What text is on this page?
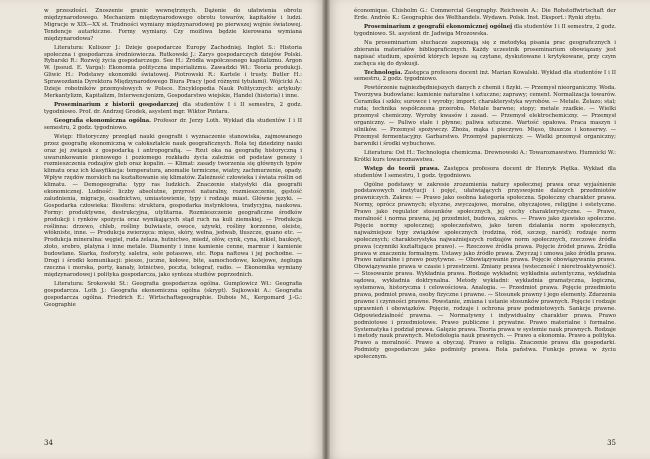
w przeszłości. Znoszenie granic wewnętrznych. Dążenie do ułatwienia obrotu międzynarodowego. Mechanizm międzynarodowego obrotu towarów, kapitałów i ludzi. Migracje w XIX—XX st. Trudności wymiany międzynarodowej po pierwszej wojnie światowej. Tendencje autarkiczne. Formy wymiany. Czy możliwa będzie kierowana wymiana międzynarodowa?

Literatura: Kuliszer J.: Dzieje gospodarcze Europy Zachodniej. Inglot S.: Historia społeczna i gospodarcza średniowiecza. Rutkowski J.: Zarys gospodarczych dziejów Polski. Rybarski R.: Rozwój życia gospodarczego. See H.: Źródła współczesnego kapitalizmu. Argon W. (pseud. E. Varga): Ekonomia polityczna imperializmu. Zawadzki Wł.: Teoria produkcji. Gliwic H.: Podstawy ekonomiki światowej. Piotrowski R.: Kartele i trusty. Butler H.: Sprawozdania Dyrektora Międzynarodowego Biura Pracy (pod różnymi tytułami). Wójcicki A.: Dzieje robotników przemysłowych w Polsce. Encyklopedia Nauk Politycznych: artykuły: Merkantylizm, Kapitalizm, Interwencjonizm, Gospodarstwo wiejskie, Handel (historia) i inne.

Proseminarium z historii gospodarczej dla studentów I i II semestru, 2 godz. tygodniowo. Prof. dr. Andrzej Grodek, asystent mgr. Wiktor Pintara.

Geografia ekonomiczna ogólna. Profesor dr. Jerzy Loth. Wykład dla studentów I i II semestru, 2 godz. tygodniowo.

Wstęp: Historyczny przegląd nauki geografii i wyznaczenie stanowiska, zajmowanego przez geografię ekonomiczną w całokształcie nauk geograficznych. Rola tej dziedziny nauki oraz jej związek z gospodarką i antropografią. — Rzut oka na geografię historyczną i uwarunkowanie pionowego i poziomego rozkładu życia zależnie od podstaw genezy i rozmieszczenia rodzajów gleb oraz kopalin. — Klimat: zasady tworzenia się głównych typów klimatu oraz ich klasyfikacja: temperatura, anomalie termiczne, wiatry, zachmurzenie, opady. Wpływ rzędów morskich na kształtowanie się klimatów. Zależność człowieka i świata roślin od klimatu. — Demogeografia: typy ras ludzkich. Znaczenie statystyki dla geografii ekonomicznej. Ludność: liczby absolutne, przyrost naturalny, rozmieszczenie, gęstość zaludnienia, migracje, osadnictwo, umiastowienie, typy i rodzaje miast. Główne języki. — Gospodarka człowieka: Biosfera: struktura, gospodarka instynktowa, tradycyjna, naukowa. Formy: produktywne, destrukcyjna, utylitarna. Rozmieszczenie geograficzne środków produkcji i rynków spożycia oraz wynikających stąd ruch na kuli ziemskiej. — Produkcja roślinna: drzewo, chleb, rośliny bulwiaste, owoce, używki, rośliny korzenne, oleiste, włókniste, inne. — Produkcja zwierzęca: mięso, skóry, wełna, jedwab, tłuszcze, guano etc. — Produkcja mineralna: węgiel, ruda żelaza, hutnictwo, miedź, ołów, cynk, cyna, nikiel, bauksyt, złoto, srebro, platyna i inne metale. Diamenty i inne kamienie cenne, marmur i kamienie budowlane. Siarka, fosforyty, saletra, sole potasowe, etc. Ropa naftowa i jej pochodne. — Drogi i środki komunikacji: piesze, juczne, kołowe, bite, samochodowe, kolejowe, żegluga rzeczna i morska, porty, kanały, lotnictwo, poczta, telegraf, radio. — Ekonomika wymiany międzynarodowej i polityka gospodarcza, jako synteza studiów poprzednich.

Literatura: Srokowski St.: Geografia gospodarcza ogólna. Gumplowicz Wł.: Geografia gospodarcza. Loth J.: Geografia ekonomiczna ogólna (skrypt). Sujkowski A.: Geografia gospodarcza ogólna. Friedrich E.: Wirtschaftsgeographie. Dubois M., Kergomard J.-G.: Geographie

34

économique. Chisholm G.: Commercial Geography. Reichwein A.: Die Rohstoffwirtschaft der Erde. Andrée K.: Geographie des Welthandels. Wydawn. Polsk. Inst. Eksport.: Rynki zbytu.

Proseminarium z geografii ekonomicznej ogólnej dla studentów I i II semestru, 2 godz. tygodniowo. St. asystent dr. Jadwiga Mrozowska.

Na proseminarium słuchacze zapoznają się z metodyką pisania prac geograficznych i zbierania materiałów bibliograficznych. Każdy uczestnik proseminarium obowiązany jest napisać studium, spośród których lepsze są czytane, dyskutowane i krytykowane, przy czym zachęca się do dyskusji.

Technologia. Zastępca profesora docent inż. Marian Kowalski. Wykład dla studentów I i II semestru, 2 godz. tygodniowo.

Powtórzenie najniezbędniejszych danych z chemii i fizyki. — Przemysł nieorganiczny. Woda. Tworzywa budowlane: kamienie naturalne i sztuczne; zaprawy; cement. Normalizacja towarów. Ceramika i szkło; surowce i wyroby; import; charakterystyka wyrobów. — Metale. Żelazo; stal; ruda; technika współczesna przerobu. Metale barwne; stopy; metale rzadkie. — Wielki przemysł chemiczny. Wyroby kwasów i zasad. — Przemysł elektrochemiczny. — Przemysł organiczny. — Paliwo stałe i płynne; paliwa sztuczne. Wartość opałowa. Praca maszyn i silników. — Przemysł spożywczy. Zboża, mąka i pieczywo. Mięso, tłuszcze i konserwy. — Przemysł fermentacyjny. Garbarstwo. Przemysł papierniczy. — Wielki przemysł organiczny; barwniki i środki wybuchowe.

Literatura: Ost H.: Technologia chemiczna. Drewnowski A.: Towaroznawstwo. Humnicki W.: Krótki kurs towaroznawstwa.

Wstęp do teorii prawa. Zastępca profesora docent dr Henryk Piętka. Wykład dla studentów I semestru, 1 godz. tygodniowo.

Ogólne podstawy w zakresie zrozumienia natury społecznej prawa oraz wyjaśnienie podstawowych instytucji i pojęć, ułatwiających przyswojenie dalszych przedmiotów prawniczych. Zakres: — Prawo jako osobna kategoria społeczna. Społeczny charakter prawa. Normy, oprócz prawnych; etyczne, zwyczajowe, moralne, obyczajowe, religijne i estetyczne. Prawo jako regulator stosunków społecznych, jej cechy charakterystyczne. — Prawo, moralność i norma prawna, jej przedmiot, budowa, zakres. — Prawo jako zjawisko społeczne. Pojęcie normy społecznej; społeczeństwo, jako teren działania norm społecznych, najważniejsze typy związków społecznych (rodzina, ród, szczep, naród); rodzaje norm społecznych; charakterystyka najważniejszych rodzajów norm społecznych, rzeczowe źródła prawa (czynniki kształtujące prawo). — Rzeczowe źródła prawa. Pojęcie źródeł prawa. Źródła prawa w znaczeniu formalnym. Ustawy jako źródło prawa. Zwyczaj i umowa jako źródła prawa. Prawo naturalne i prawo pozytywne. — Obowiązywanie prawa. Pojęcie obowiązywania prawa. Obowiązywanie prawa w czasie i przestrzeni. Zmiany prawa (wsteczność i nieretroaktywność). — Stosowanie prawa. Wykładnia prawa. Rodzaje wykładni; wykładnia autentyczna, wykładnia sądowa, wykładnia doktrynalna. Metody wykładni: wykładnia gramatyczna, logiczna, systemowa, historyczna i celowościowa. Analogia. — Przedmiot prawa. Pojęcie przedmiotu prawa, podmiot prawa, osoby fizyczne i prawne. — Stosunek prawny i jego elementy. Zdarzenia prawne i czynności prawne. Powstanie, zmiana i ustanie stosunków prawnych. Pojęcie i rodzaje uprawnień i obowiązków. Pojęcie, rodzaje i ochrona praw podmiotowych. Sankcje prawne. Odpowiedzialność prawna. — Normatywny i indywidualny charakter prawa. Prawo podmiotowe i przedmiotowe. Prawo publiczne i prywatne. Prawo materialne i formalne. Systematyka i podział prawa. Gałęzie prawa. Teoria prawa w systemie nauk prawnych. Rodzaje i metody nauk prawnych. Metodologia nauk prawnych. — Prawo a ekonomia. Prawo a polityka. Prawo a moralność. Prawo a obyczaj. Prawo a religia. Znaczenie prawa dla gospodarki. Podmioty gospodarcze jako podmioty prawa. Rola państwa. Funkcje prawa w życiu społecznym.

35
